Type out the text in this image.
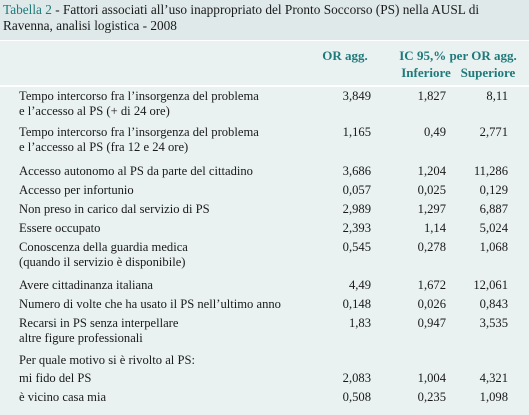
Tabella 2 - Fattori associati all’uso inappropriato del Pronto Soccorso (PS) nella AUSL di Ravenna, analisi logistica - 2008
OR agg.	IC 95,% per OR agg.
Inferiore Superiore
Tempo intercorso fra l’insorgenza del problema
e l’accesso al PS (+ di 24 ore)
3,849	1,827	8,11
Tempo intercorso fra l’insorgenza del problema
e l’accesso al PS (fra 12 e 24 ore)
1,165	0,49	2,771
Accesso autonomo al PS da parte del cittadino	3,686	1,204	11,286
Accesso per infortunio	0,057	0,025	0,129
Non preso in carico dal servizio di PS	2,989	1,297	6,887
Essere occupato	2,393	1,14	5,024
Conoscenza della guardia medica
(quando il servizio è disponibile)
0,545	0,278	1,068
Avere cittadinanza italiana	4,49	1,672	12,061
Numero di volte che ha usato il PS nell’ultimo anno	0,148	0,026	0,843
Recarsi in PS senza interpellare
altre figure professionali
1,83	0,947	3,535
Per quale motivo si è rivolto al PS:
mi fido del PS	2,083	1,004	4,321
è vicino casa mia	0,508	0,235	1,098
